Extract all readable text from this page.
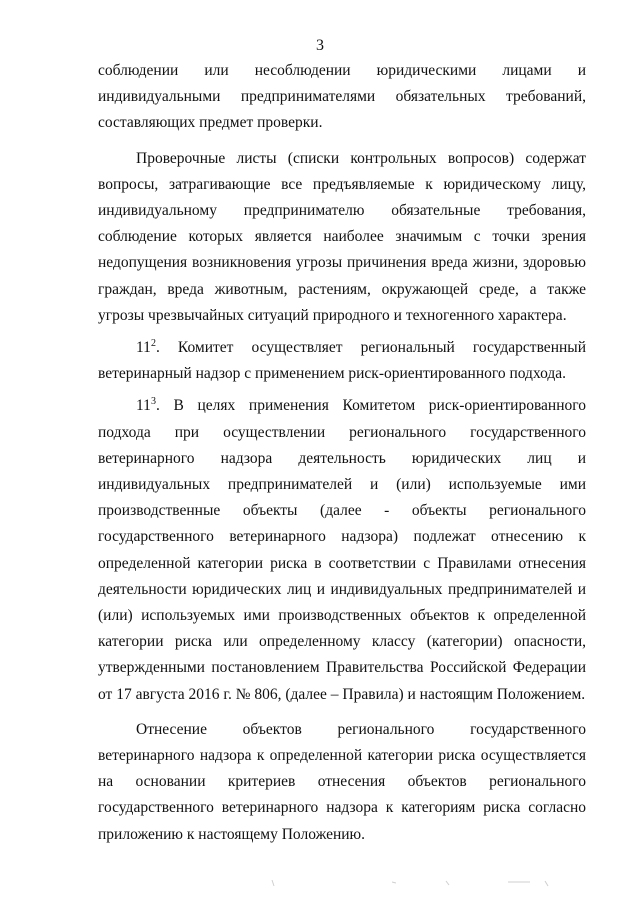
3

соблюдении или несоблюдении юридическими лицами и индивидуальными предпринимателями обязательных требований, составляющих предмет проверки.

Проверочные листы (списки контрольных вопросов) содержат вопросы, затрагивающие все предъявляемые к юридическому лицу, индивидуальному предпринимателю обязательные требования, соблюдение которых является наиболее значимым с точки зрения недопущения возникновения угрозы причинения вреда жизни, здоровью граждан, вреда животным, растениям, окружающей среде, а также угрозы чрезвычайных ситуаций природного и техногенного характера.

$11^2$. Комитет осуществляет региональный государственный ветеринарный надзор с применением риск-ориентированного подхода.

$11^3$. В целях применения Комитетом риск-ориентированного подхода при осуществлении регионального государственного ветеринарного надзора деятельность юридических лиц и индивидуальных предпринимателей и (или) используемые ими производственные объекты (далее - объекты регионального государственного ветеринарного надзора) подлежат отнесению к определенной категории риска в соответствии с Правилами отнесения деятельности юридических лиц и индивидуальных предпринимателей и (или) используемых ими производственных объектов к определенной категории риска или определенному классу (категории) опасности, утвержденными постановлением Правительства Российской Федерации от 17 августа 2016 г. № 806, (далее – Правила) и настоящим Положением.

Отнесение объектов регионального государственного ветеринарного надзора к определенной категории риска осуществляется на основании критериев отнесения объектов регионального государственного ветеринарного надзора к категориям риска согласно приложению к настоящему Положению.
